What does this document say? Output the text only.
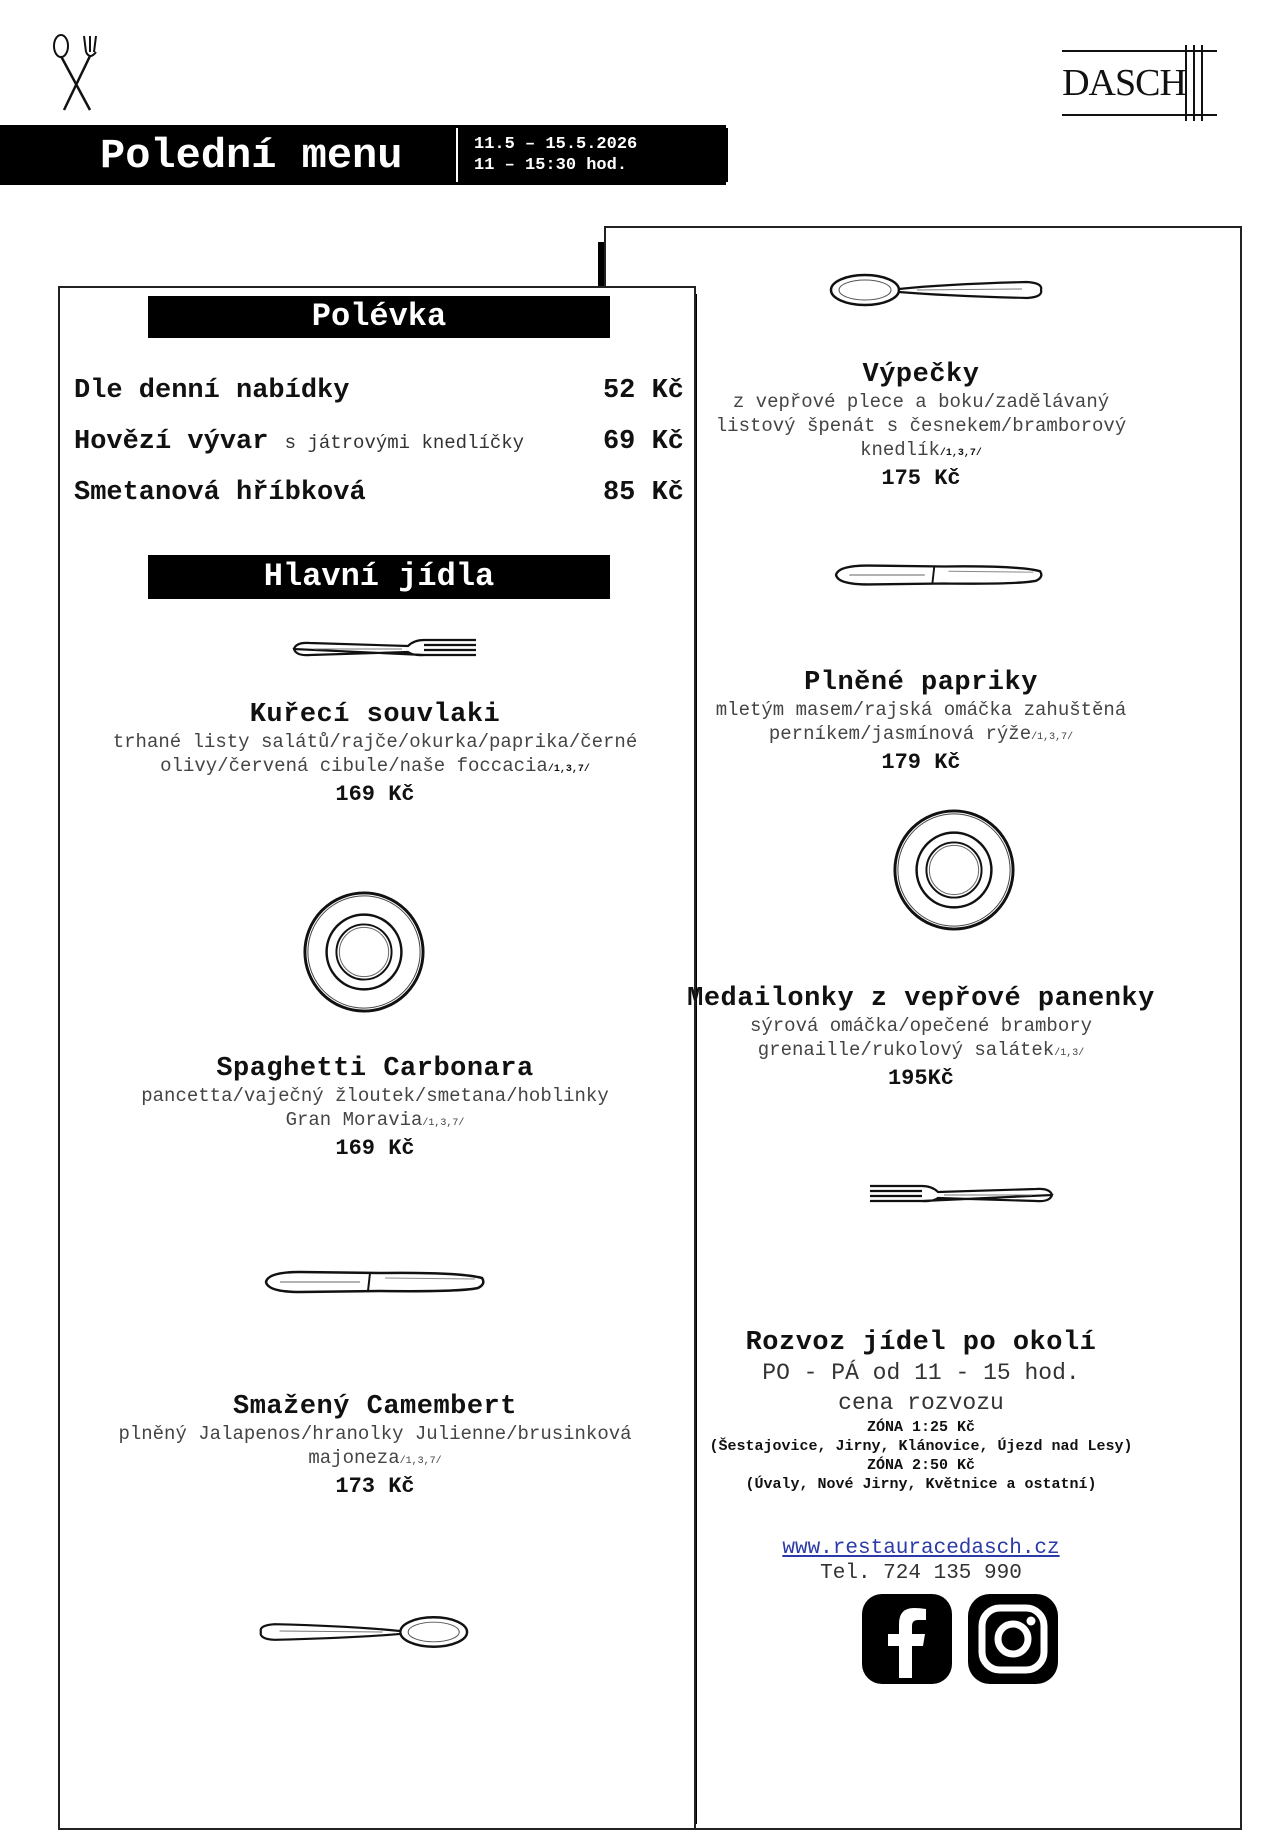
DASCH
Polední menu	11.5 – 15.5.2026
11 – 15:30 hod.
Polévka
Dle denní nabídky	52 Kč
Hovězí vývar s játrovými knedlíčky	69 Kč
Smetanová hříbková	85 Kč
Hlavní jídla
Kuřecí souvlaki
trhané listy salátů/rajče/okurka/paprika/černé
olivy/červená cibule/naše foccacia/1,3,7/
169 Kč
Spaghetti Carbonara
pancetta/vaječný žloutek/smetana/hoblinky
Gran Moravia/1,3,7/
169 Kč
Smažený Camembert
plněný Jalapenos/hranolky Julienne/brusinková
majoneza/1,3,7/
173 Kč
Výpečky
z vepřové plece a boku/zadělávaný
listový špenát s česnekem/bramborový
knedlík/1,3,7/
175 Kč
Plněné papriky
mletým masem/rajská omáčka zahuštěná
perníkem/jasmínová rýže/1,3,7/
179 Kč
Medailonky z vepřové panenky
sýrová omáčka/opečené brambory
grenaille/rukolový salátek/1,3/
195Kč
Rozvoz jídel po okolí
PO - PÁ od 11 - 15 hod.
cena rozvozu
ZÓNA 1:25 Kč
(Šestajovice, Jirny, Klánovice, Újezd nad Lesy)
ZÓNA 2:50 Kč
(Úvaly, Nové Jirny, Květnice a ostatní)
www.restauracedasch.cz
Tel. 724 135 990
